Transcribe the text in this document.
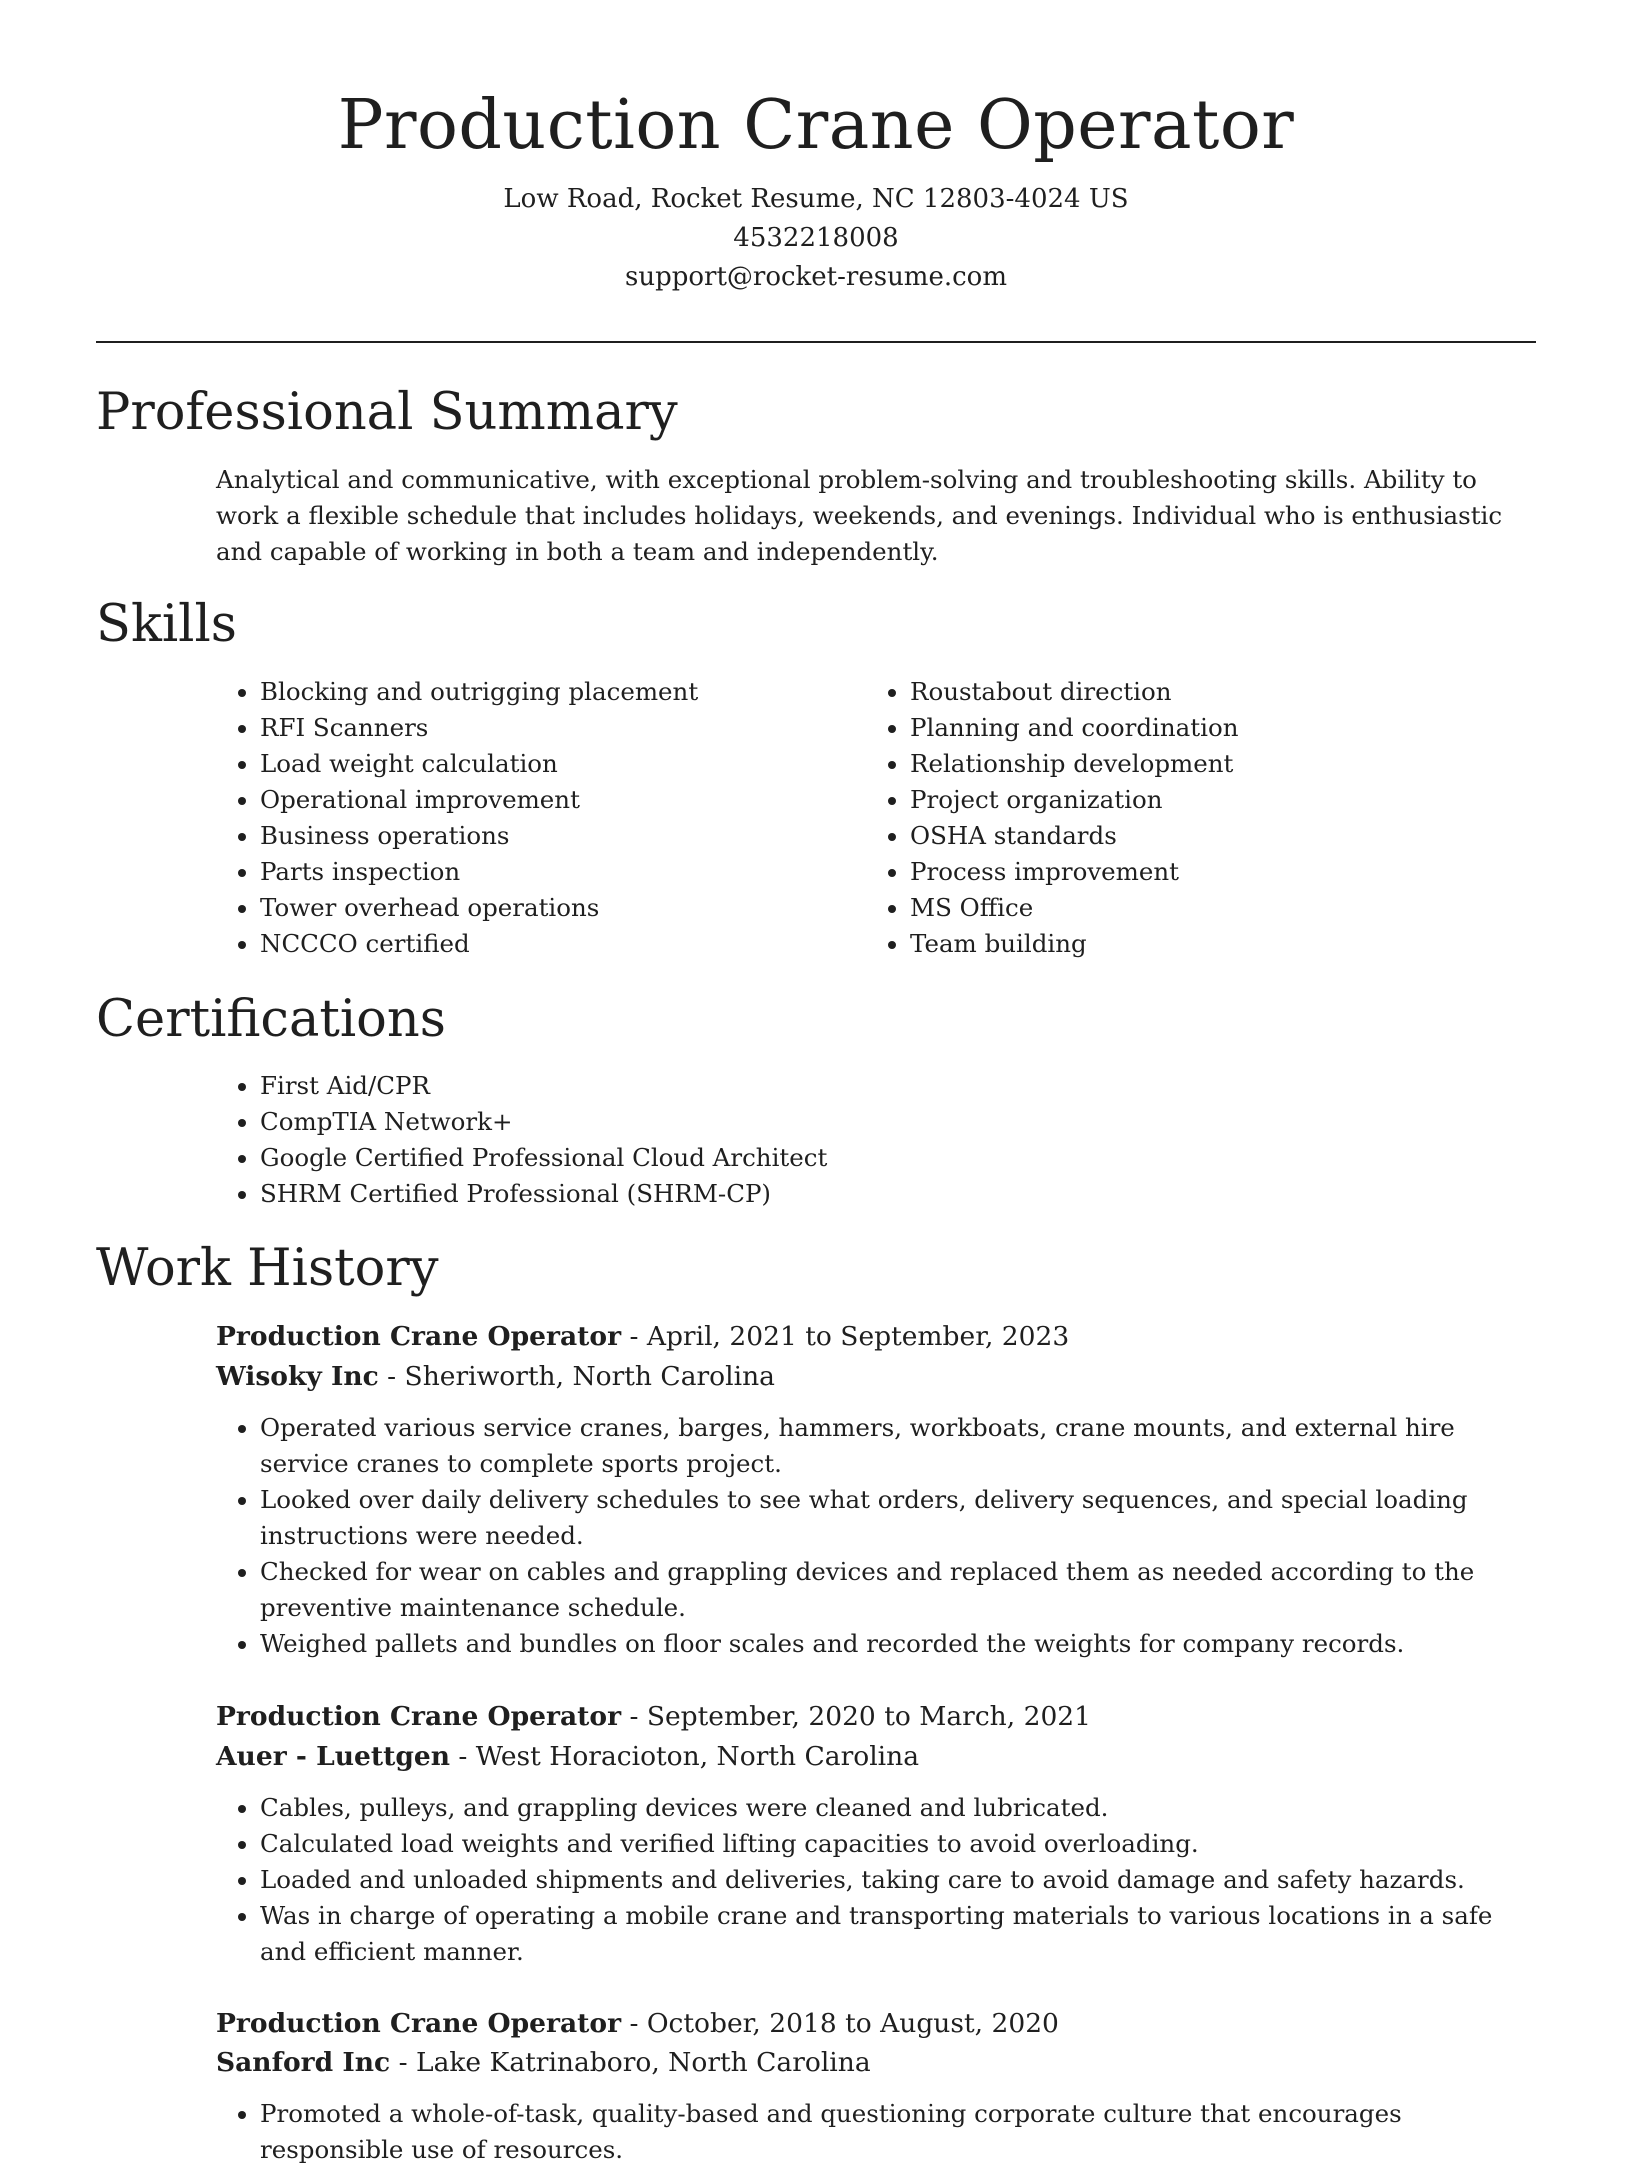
Production Crane Operator

Low Road, Rocket Resume, NC 12803-4024 US

4532218008

support@rocket-resume.com

Professional Summary

Analytical and communicative, with exceptional problem-solving and troubleshooting skills. Ability to work a flexible schedule that includes holidays, weekends, and evenings. Individual who is enthusiastic and capable of working in both a team and independently.

Skills
• Blocking and outrigging placement
• RFI Scanners
• Load weight calculation
• Operational improvement
• Business operations
• Parts inspection
• Tower overhead operations
• NCCCO certified
• Roustabout direction
• Planning and coordination
• Relationship development
• Project organization
• OSHA standards
• Process improvement
• MS Office
• Team building
Certifications
• First Aid/CPR
• CompTIA Network+
• Google Certified Professional Cloud Architect
• SHRM Certified Professional (SHRM-CP)
Work History

Production Crane Operator - April, 2021 to September, 2023

Wisoky Inc - Sheriworth, North Carolina

• Operated various service cranes, barges, hammers, workboats, crane mounts, and external hire service cranes to complete sports project.
• Looked over daily delivery schedules to see what orders, delivery sequences, and special loading instructions were needed.
• Checked for wear on cables and grappling devices and replaced them as needed according to the preventive maintenance schedule.
• Weighed pallets and bundles on floor scales and recorded the weights for company records.

Production Crane Operator - September, 2020 to March, 2021

Auer - Luettgen - West Horacioton, North Carolina

• Cables, pulleys, and grappling devices were cleaned and lubricated.
• Calculated load weights and verified lifting capacities to avoid overloading.
• Loaded and unloaded shipments and deliveries, taking care to avoid damage and safety hazards.
• Was in charge of operating a mobile crane and transporting materials to various locations in a safe and efficient manner.

Production Crane Operator - October, 2018 to August, 2020

Sanford Inc - Lake Katrinaboro, North Carolina

• Promoted a whole-of-task, quality-based and questioning corporate culture that encourages responsible use of resources.
